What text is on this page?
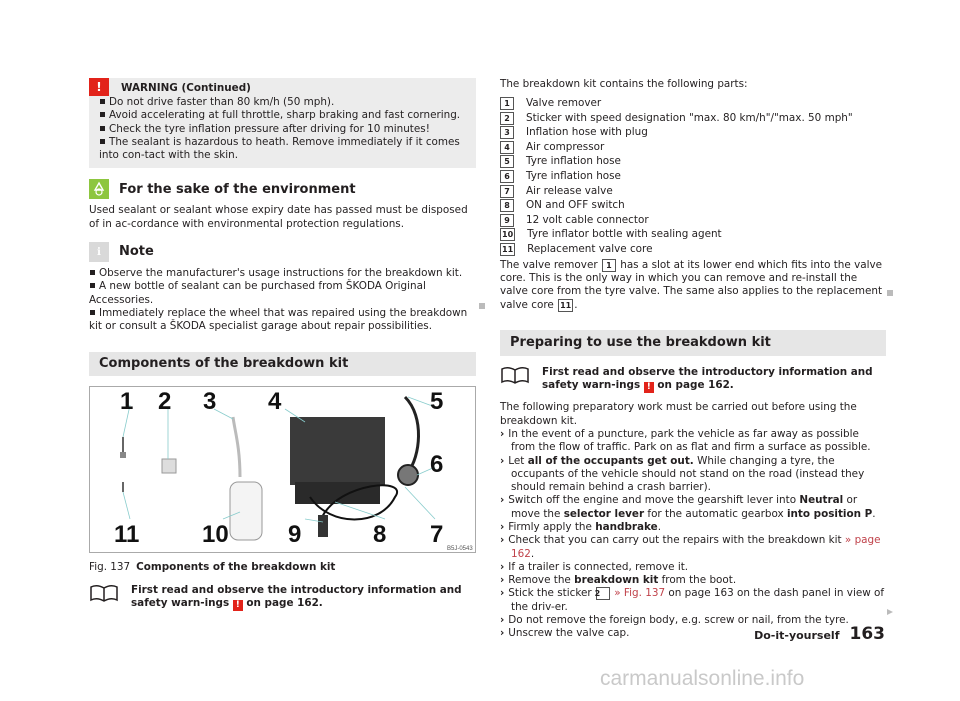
!	WARNING (Continued)

Do not drive faster than 80 km/h (50 mph).

Avoid accelerating at full throttle, sharp braking and fast cornering.

Check the tyre inflation pressure after driving for 10 minutes!

The sealant is hazardous to heath. Remove immediately if it comes into con-tact with the skin.

For the sake of the environment

Used sealant or sealant whose expiry date has passed must be disposed of in ac-cordance with environmental protection regulations.

i	Note

Observe the manufacturer's usage instructions for the breakdown kit.

A new bottle of sealant can be purchased from ŠKODA Original Accessories.

Immediately replace the wheel that was repaired using the breakdown kit or consult a ŠKODA specialist garage about repair possibilities.

Components of the breakdown kit
1 2 3 4	5
6
7
8
9
10
11
B5J-0543

Fig. 137 Components of the breakdown kit

First read and observe the introductory information and safety warn-ings ! on page 162.

The breakdown kit contains the following parts:

1	Valve remover
2	Sticker with speed designation "max. 80 km/h"/"max. 50 mph"
3	Inflation hose with plug
4	Air compressor
5	Tyre inflation hose
6	Tyre inflation hose
7	Air release valve
8	ON and OFF switch
9	12 volt cable connector
10 Tyre inflator bottle with sealing agent
11 Replacement valve core

The valve remover 1 has a slot at its lower end which fits into the valve core. This is the only way in which you can remove and re-install the valve core from the tyre valve. The same also applies to the replacement valve core 11 .

Preparing to use the breakdown kit

First read and observe the introductory information and safety warn-ings ! on page 162.

The following preparatory work must be carried out before using the breakdown kit.

› In the event of a puncture, park the vehicle as far away as possible from the flow of traffic. Park on as flat and firm a surface as possible.

› Let all of the occupants get out. While changing a tyre, the occupants of the vehicle should not stand on the road (instead they should remain behind a crash barrier).

› Switch off the engine and move the gearshift lever into Neutral or move the selector lever for the automatic gearbox into position P.

› Firmly apply the handbrake.

› Check that you can carry out the repairs with the breakdown kit » page 162.

› If a trailer is connected, remove it.

› Remove the breakdown kit from the boot.

› Stick the sticker 2 » Fig. 137 on page 163 on the dash panel in view of the driv-er.

› Do not remove the foreign body, e.g. screw or nail, from the tyre.

› Unscrew the valve cap.	Do-it-yourself 163
carmanualsonline.info
